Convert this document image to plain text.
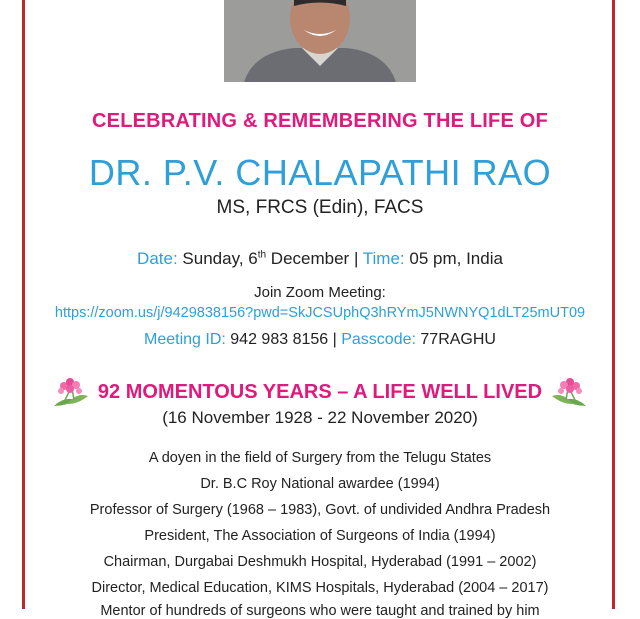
CELEBRATING & REMEMBERING THE LIFE OF
DR. P.V. CHALAPATHI RAO
MS, FRCS (Edin), FACS
Date: Sunday, 6th December | Time: 05 pm, India
Join Zoom Meeting:
https://zoom.us/j/9429838156?pwd=SkJCSUphQ3hRYmJ5NWNYQ1dLT25mUT09
Meeting ID: 942 983 8156 | Passcode: 77RAGHU
92 MOMENTOUS YEARS – A LIFE WELL LIVED
(16 November 1928 - 22 November 2020)
A doyen in the field of Surgery from the Telugu States
Dr. B.C Roy National awardee (1994)
Professor of Surgery (1968 – 1983), Govt. of undivided Andhra Pradesh
President, The Association of Surgeons of India (1994)
Chairman, Durgabai Deshmukh Hospital, Hyderabad (1991 – 2002)
Director, Medical Education, KIMS Hospitals, Hyderabad (2004 – 2017)
Mentor of hundreds of surgeons who were taught and trained by him
